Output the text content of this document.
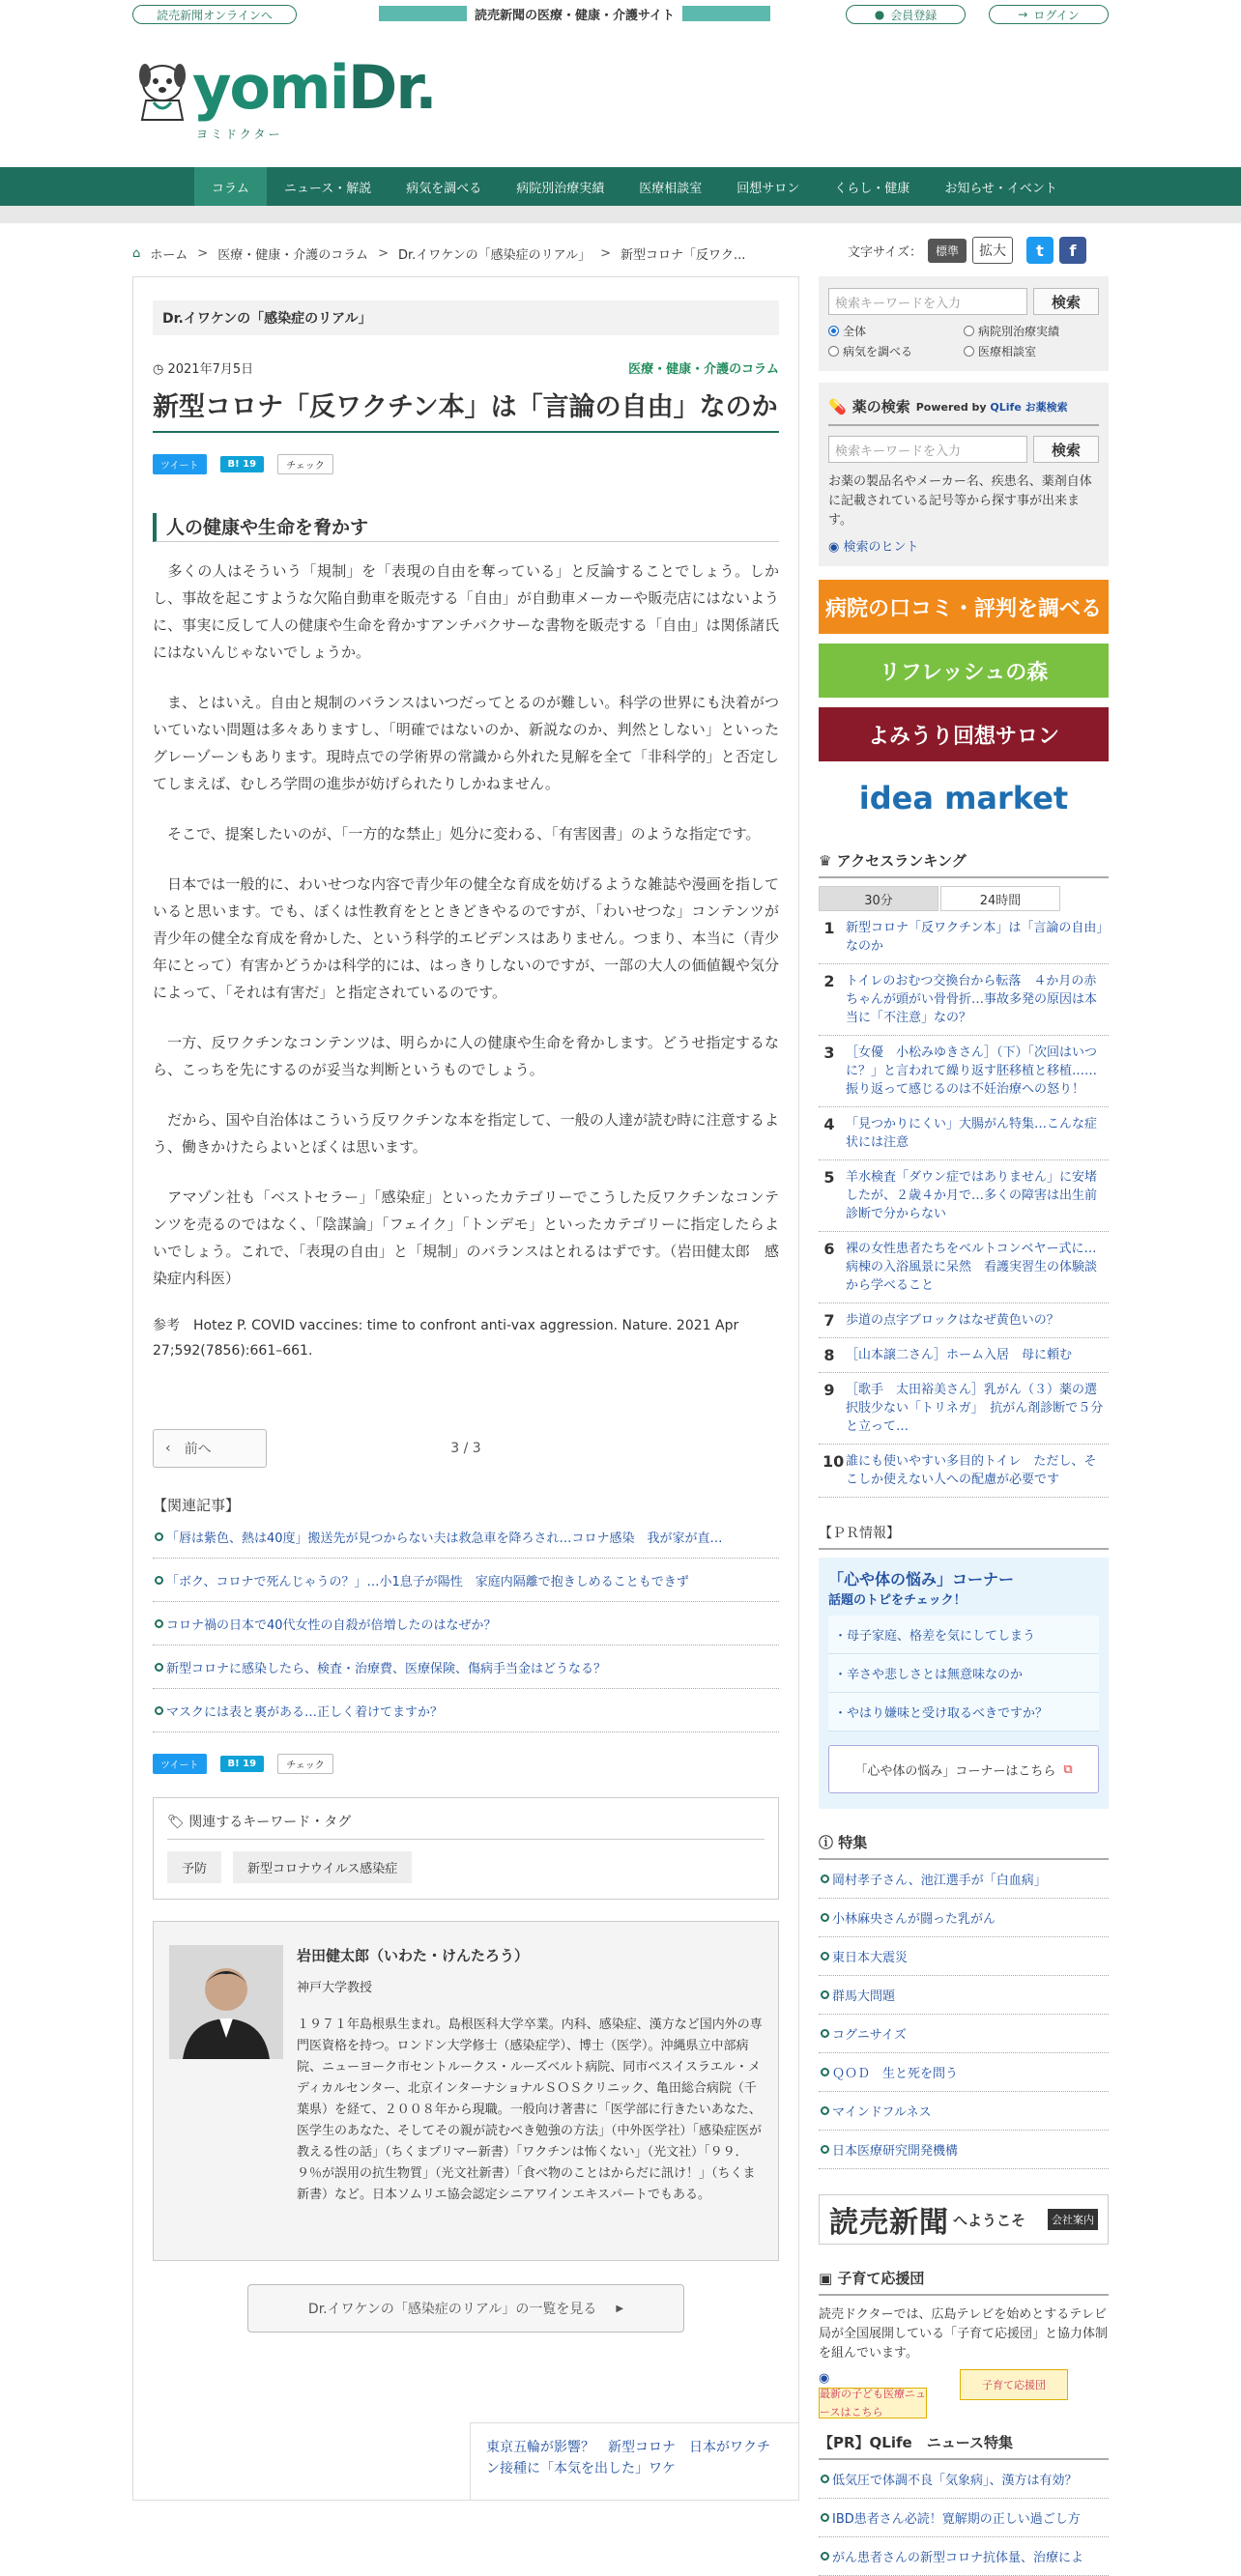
読売新聞オンラインへ	読売新聞の医療・健康・介護サイト	● 会員登録	→ ログイン
yomiDr.
ヨミドクター
コラム	ニュース・解説	病気を調べる	病院別治療実績	医療相談室	回想サロン	くらし・健康	お知らせ・イベント
⌂ ホーム > 医療・健康・介護のコラム > Dr.イワケンの「感染症のリアル」 > 新型コロナ「反ワク...	文字サイズ：	標準	拡大	t	f
Dr.イワケンの「感染症のリアル」
◷ 2021年7月5日	医療・健康・介護のコラム
新型コロナ「反ワクチン本」は「言論の自由」なのか
ツイート	B! 19	チェック
人の健康や生命を脅かす

　多くの人はそういう「規制」を「表現の自由を奪っている」と反論することでしょう。しかし、事故を起こすような欠陥自動車を販売する「自由」が自動車メーカーや販売店にはないように、事実に反して人の健康や生命を脅かすアンチバクサーな書物を販売する「自由」は関係諸氏にはないんじゃないでしょうか。

　ま、とはいえ。自由と規制のバランスはいつだってとるのが難しい。科学の世界にも決着がついていない問題は多々ありますし、「明確ではないのか、新説なのか、判然としない」といったグレーゾーンもあります。現時点での学術界の常識から外れた見解を全て「非科学的」と否定してしまえば、むしろ学問の進歩が妨げられたりしかねません。

　そこで、提案したいのが、「一方的な禁止」処分に変わる、「有害図書」のような指定です。

　日本では一般的に、わいせつな内容で青少年の健全な育成を妨げるような雑誌や漫画を指していると思います。でも、ぼくは性教育をとときどきやるのですが、「わいせつな」コンテンツが青少年の健全な育成を脅かした、という科学的エビデンスはありません。つまり、本当に（青少年にとって）有害かどうかは科学的には、はっきりしないのですが、一部の大人の価値観や気分によって、「それは有害だ」と指定されているのです。

　一方、反ワクチンなコンテンツは、明らかに人の健康や生命を脅かします。どうせ指定するなら、こっちを先にするのが妥当な判断というものでしょう。

　だから、国や自治体はこういう反ワクチンな本を指定して、一般の人達が読む時に注意するよう、働きかけたらよいとぼくは思います。

　アマゾン社も「ベストセラー」「感染症」といったカテゴリーでこうした反ワクチンなコンテンツを売るのではなく、「陰謀論」「フェイク」「トンデモ」といったカテゴリーに指定したらよいでしょう。これで、「表現の自由」と「規制」のバランスはとれるはずです。（岩田健太郎　感染症内科医）

参考　Hotez P. COVID vaccines: time to confront anti-vax aggression. Nature. 2021 Apr 27;592(7856):661–661.
‹ 前へ	3 / 3
【関連記事】
「唇は紫色、熱は40度」搬送先が見つからない夫は救急車を降ろされ…コロナ感染　我が家が直…
「ボク、コロナで死んじゃうの？」…小1息子が陽性　家庭内隔離で抱きしめることもできず
コロナ禍の日本で40代女性の自殺が倍増したのはなぜか？
新型コロナに感染したら、検査・治療費、医療保険、傷病手当金はどうなる？
マスクには表と裏がある…正しく着けてますか？
ツイート	B! 19	チェック
🏷 関連するキーワード・タグ
予防	新型コロナウイルス感染症
岩田健太郎（いわた・けんたろう）
神戸大学教授
１９７１年島根県生まれ。島根医科大学卒業。内科、感染症、漢方など国内外の専門医資格を持つ。ロンドン大学修士（感染症学）、博士（医学）。沖縄県立中部病院、ニューヨーク市セントルークス・ルーズベルト病院、同市ベスイスラエル・メディカルセンター、北京インターナショナルＳＯＳクリニック、亀田総合病院（千葉県）を経て、２００８年から現職。一般向け著書に「医学部に行きたいあなた、医学生のあなた、そしてその親が読むべき勉強の方法」（中外医学社）「感染症医が教える性の話」（ちくまプリマー新書）「ワクチンは怖くない」（光文社）「９９．９％が誤用の抗生物質」（光文社新書）「食べ物のことはからだに訊け！」（ちくま新書）など。日本ソムリエ協会認定シニアワインエキスパートでもある。
Dr.イワケンの「感染症のリアル」の一覧を見る ▶
東京五輪が影響？　新型コロナ　日本がワクチン接種に「本気を出した」ワケ
検索キーワードを入力	検索
全体	病院別治療実績
病気を調べる	医療相談室
💊 薬の検索 Powered by QLife お薬検索
検索キーワードを入力	検索
お薬の製品名やメーカー名、疾患名、薬剤自体に記載されている記号等から探す事が出来ます。
◉ 検索のヒント
病院の口コミ・評判を調べる
リフレッシュの森
よみうり回想サロン
idea market
♛ アクセスランキング
30分	24時間
1 新型コロナ「反ワクチン本」は「言論の自由」なのか
2 トイレのおむつ交換台から転落　４か月の赤ちゃんが頭がい骨骨折…事故多発の原因は本当に「不注意」なの？
3 ［女優　小松みゆきさん］（下）「次回はいつに？」と言われて繰り返す胚移植と移植……振り返って感じるのは不妊治療への怒り！
4 「見つかりにくい」大腸がん特集…こんな症状には注意
5 羊水検査「ダウン症ではありません」に安堵したが、２歳４か月で…多くの障害は出生前診断で分からない
6 裸の女性患者たちをベルトコンベヤー式に…病棟の入浴風景に呆然　看護実習生の体験談から学べること
7 歩道の点字ブロックはなぜ黄色いの？
8 ［山本譲二さん］ホーム入居　母に頼む
9 ［歌手　太田裕美さん］乳がん（３）薬の選択肢少ない「トリネガ」　抗がん剤診断で５分と立って…
10 誰にも使いやすい多目的トイレ　ただし、そこしか使えない人への配慮が必要です
【ＰＲ情報】
「心や体の悩み」コーナー
話題のトピをチェック！
・母子家庭、格差を気にしてしまう
・辛さや悲しさとは無意味なのか
・やはり嫌味と受け取るべきですか？
「心や体の悩み」コーナーはこちら ⧉
ⓘ 特集
岡村孝子さん、池江選手が「白血病」
小林麻央さんが闘った乳がん
東日本大震災
群馬大問題
コグニサイズ
ＱＯＤ　生と死を問う
マインドフルネス
日本医療研究開発機構
読売新聞 へようこそ	会社案内
▣ 子育て応援団
読売ドクターでは、広島テレビを始めとするテレビ局が全国展開している「子育て応援団」と協力体制を組んでいます。
◉
最新の子ども医療ニュースはこちら
子育て応援団
【PR】QLife　ニュース特集
低気圧で体調不良「気象病」、漢方は有効？
IBD患者さん必読！寛解期の正しい過ごし方
がん患者さんの新型コロナ抗体量、治療によ
